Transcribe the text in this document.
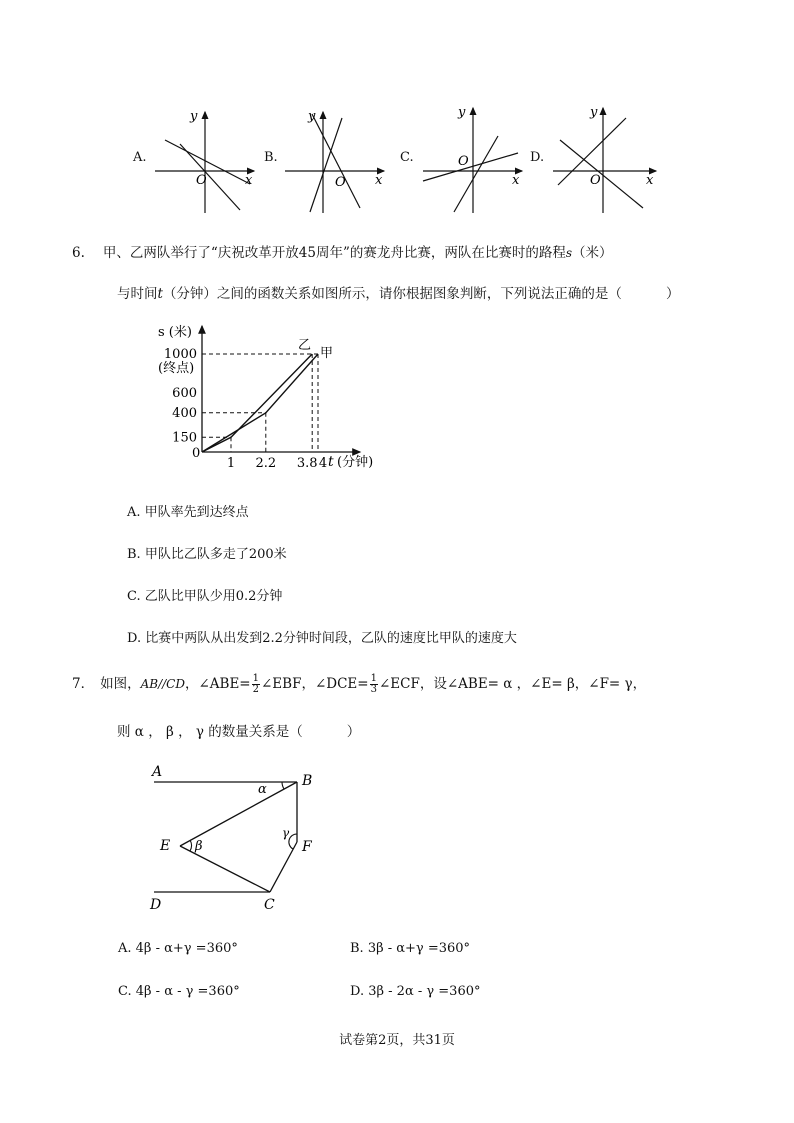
A.
O	x
y
B.
O x
y
C.	O
x
y
D.
O	x
y
6. 甲、乙两队举行了“庆祝改革开放45周年”的赛龙舟比赛，两队在比赛时的路程s（米）
与时间t（分钟）之间的函数关系如图所示，请你根据图象判断，下列说法正确的是（	）
150
400
600
1000
1 2.2 3.8 4
s (米)
(终点)
0
t (分钟)
乙
甲
A. 甲队率先到达终点
B. 甲队比乙队多走了200米
C. 乙队比甲队少用0.2分钟
D. 比赛中两队从出发到2.2分钟时间段，乙队的速度比甲队的速度大
7． 如图，AB//CD，∠ABE= $\frac{1}{2}$ ∠EBF，∠DCE= $\frac{1}{3}$ ∠ECF，设∠ABE= α ，∠E= β，∠F= γ，
则 α ， β ， γ 的数量关系是（	）
A
B
E	F
D	C
α
β
γ
A. 4β - α+γ =360°	B. 3β - α+γ =360°
C. 4β - α - γ =360°	D. 3β - 2α - γ =360°
试卷第2页，共31页
